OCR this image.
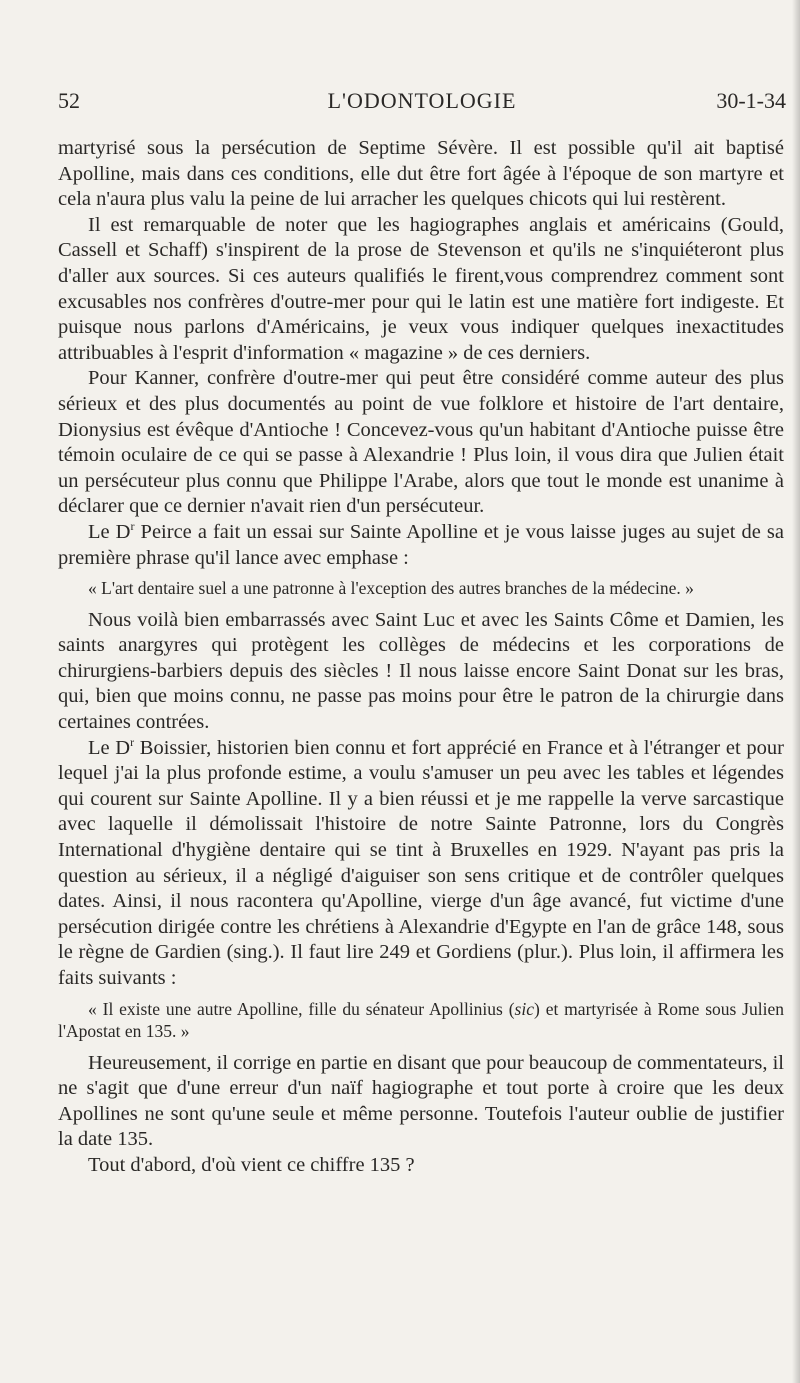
52	L'ODONTOLOGIE	30-1-34

martyrisé sous la persécution de Septime Sévère. Il est possible qu'il ait baptisé Apolline, mais dans ces conditions, elle dut être fort âgée à l'époque de son martyre et cela n'aura plus valu la peine de lui arracher les quelques chicots qui lui restèrent.

Il est remarquable de noter que les hagiographes anglais et américains (Gould, Cassell et Schaff) s'inspirent de la prose de Stevenson et qu'ils ne s'inquiéteront plus d'aller aux sources. Si ces auteurs qualifiés le firent,vous comprendrez comment sont excusables nos confrères d'outre-mer pour qui le latin est une matière fort indigeste. Et puisque nous parlons d'Américains, je veux vous indiquer quelques inexactitudes attribuables à l'esprit d'information « magazine » de ces derniers.

Pour Kanner, confrère d'outre-mer qui peut être considéré comme auteur des plus sérieux et des plus documentés au point de vue folklore et histoire de l'art dentaire, Dionysius est évêque d'Antioche ! Concevez-vous qu'un habitant d'Antioche puisse être témoin oculaire de ce qui se passe à Alexandrie ! Plus loin, il vous dira que Julien était un persécuteur plus connu que Philippe l'Arabe, alors que tout le monde est unanime à déclarer que ce dernier n'avait rien d'un persécuteur.

Le $D^r$ Peirce a fait un essai sur Sainte Apolline et je vous laisse juges au sujet de sa première phrase qu'il lance avec emphase :

« L'art dentaire suel a une patronne à l'exception des autres branches de la médecine. »

Nous voilà bien embarrassés avec Saint Luc et avec les Saints Côme et Damien, les saints anargyres qui protègent les collèges de médecins et les corporations de chirurgiens-barbiers depuis des siècles ! Il nous laisse encore Saint Donat sur les bras, qui, bien que moins connu, ne passe pas moins pour être le patron de la chirurgie dans certaines contrées.

Le $D^r$ Boissier, historien bien connu et fort apprécié en France et à l'étranger et pour lequel j'ai la plus profonde estime, a voulu s'amuser un peu avec les tables et légendes qui courent sur Sainte Apolline. Il y a bien réussi et je me rappelle la verve sarcastique avec laquelle il démolissait l'histoire de notre Sainte Patronne, lors du Congrès International d'hygiène dentaire qui se tint à Bruxelles en 1929. N'ayant pas pris la question au sérieux, il a négligé d'aiguiser son sens critique et de contrôler quelques dates. Ainsi, il nous racontera qu'Apolline, vierge d'un âge avancé, fut victime d'une persécution dirigée contre les chrétiens à Alexandrie d'Egypte en l'an de grâce 148, sous le règne de Gardien (sing.). Il faut lire 249 et Gordiens (plur.). Plus loin, il affirmera les faits suivants :

« Il existe une autre Apolline, fille du sénateur Apollinius (sic) et martyrisée à Rome sous Julien l'Apostat en 135. »

Heureusement, il corrige en partie en disant que pour beaucoup de commentateurs, il ne s'agit que d'une erreur d'un naïf hagiographe et tout porte à croire que les deux Apollines ne sont qu'une seule et même personne. Toutefois l'auteur oublie de justifier la date 135.

Tout d'abord, d'où vient ce chiffre 135 ?
